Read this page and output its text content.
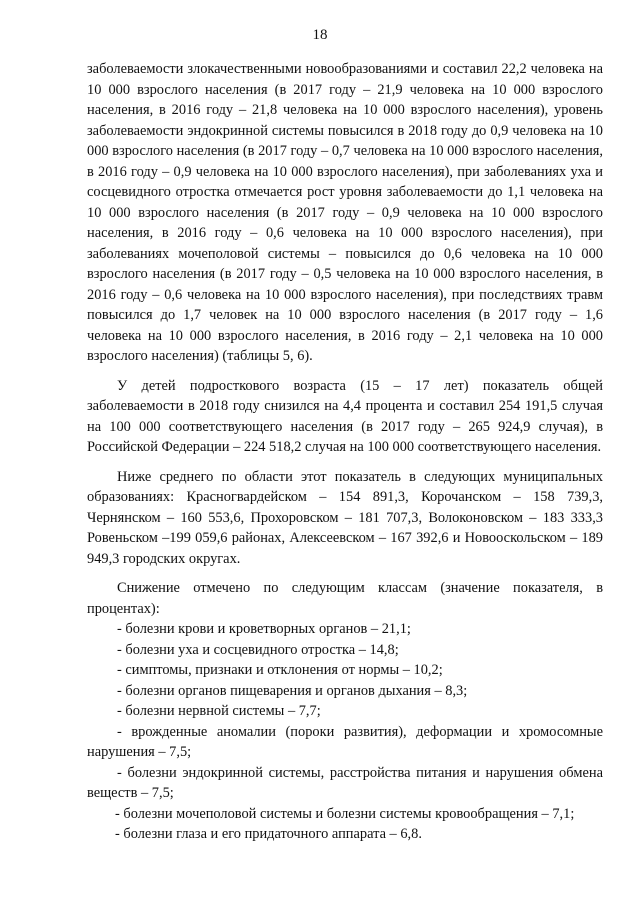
18

заболеваемости злокачественными новообразованиями и составил 22,2 человека на 10 000 взрослого населения (в 2017 году – 21,9 человека на 10 000 взрослого населения, в 2016 году – 21,8 человека на 10 000 взрослого населения), уровень заболеваемости эндокринной системы повысился в 2018 году до 0,9 человека на 10 000 взрослого населения (в 2017 году – 0,7 человека на 10 000 взрослого населения, в 2016 году – 0,9 человека на 10 000 взрослого населения), при заболеваниях уха и сосцевидного отростка отмечается рост уровня заболеваемости до 1,1 человека на 10 000 взрослого населения (в 2017 году – 0,9 человека на 10 000 взрослого населения, в 2016 году – 0,6 человека на 10 000 взрослого населения), при заболеваниях мочеполовой системы – повысился до 0,6 человека на 10 000 взрослого населения (в 2017 году – 0,5 человека на 10 000 взрослого населения, в 2016 году – 0,6 человека на 10 000 взрослого населения), при последствиях травм повысился до 1,7 человек на 10 000 взрослого населения (в 2017 году – 1,6 человека на 10 000 взрослого населения, в 2016 году – 2,1 человека на 10 000 взрослого населения) (таблицы 5, 6).

У детей подросткового возраста (15 – 17 лет) показатель общей заболеваемости в 2018 году снизился на 4,4 процента и составил 254 191,5 случая на 100 000 соответствующего населения (в 2017 году – 265 924,9 случая), в Российской Федерации – 224 518,2 случая на 100 000 соответствующего населения.

Ниже среднего по области этот показатель в следующих муниципальных образованиях: Красногвардейском – 154 891,3, Корочанском – 158 739,3, Чернянском – 160 553,6, Прохоровском – 181 707,3, Волоконовском – 183 333,3 Ровеньском –199 059,6 районах, Алексеевском – 167 392,6 и Новооскольском – 189 949,3 городских округах.

Снижение отмечено по следующим классам (значение показателя, в процентах):

- болезни крови и кроветворных органов – 21,1;

- болезни уха и сосцевидного отростка – 14,8;

- симптомы, признаки и отклонения от нормы – 10,2;

- болезни органов пищеварения и органов дыхания – 8,3;

- болезни нервной системы – 7,7;

- врожденные аномалии (пороки развития), деформации и хромосомные нарушения – 7,5;

- болезни эндокринной системы, расстройства питания и нарушения обмена веществ – 7,5;

- болезни мочеполовой системы и болезни системы кровообращения – 7,1;

- болезни глаза и его придаточного аппарата – 6,8.
